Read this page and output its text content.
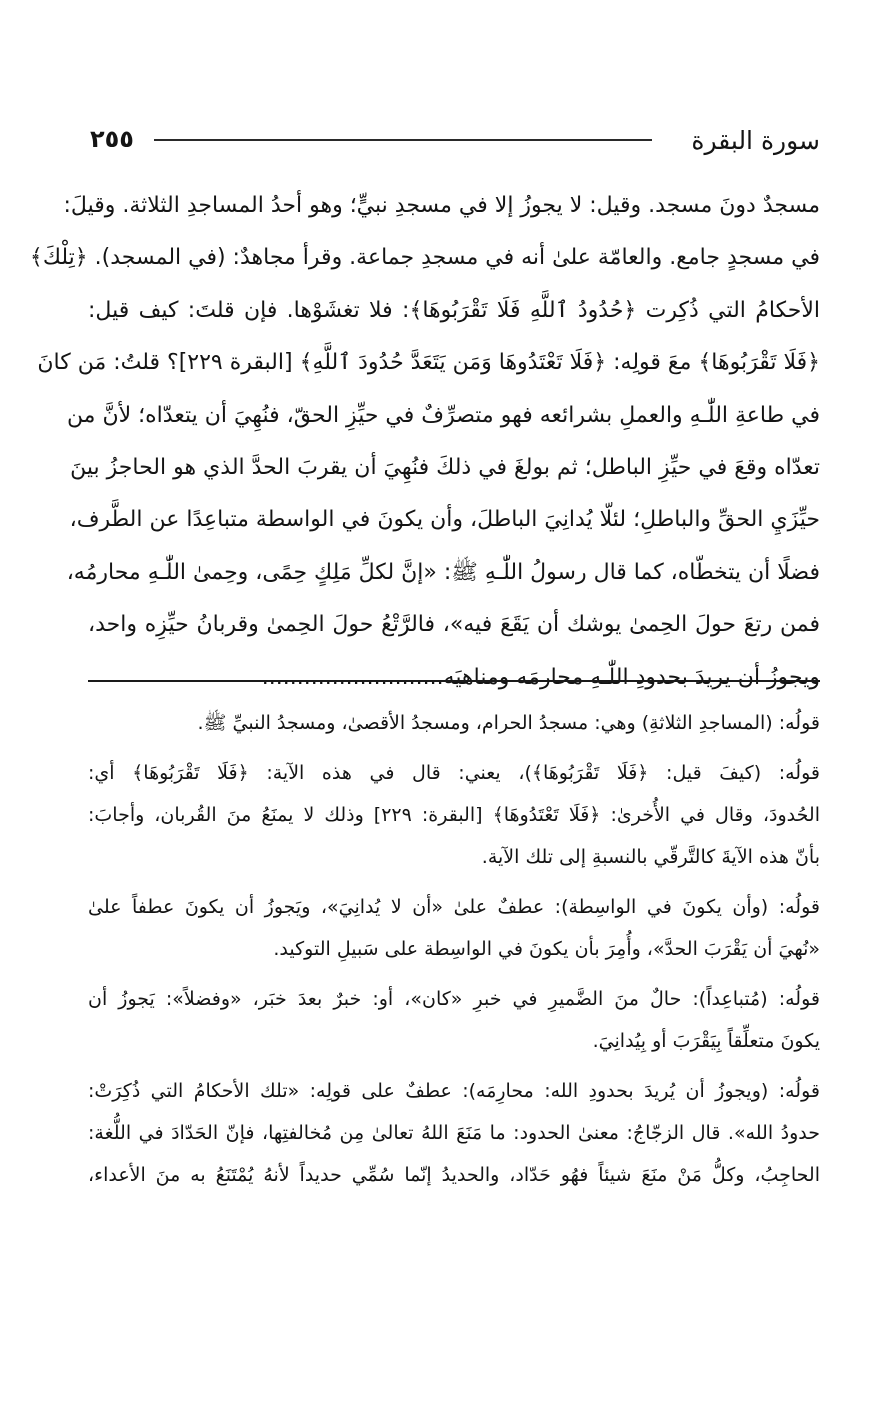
سورة البقرة
٢٥٥
مسجدٌ دونَ مسجد. وقيل: لا يجوزُ إلا في مسجدِ نبيٍّ؛ وهو أحدُ المساجدِ الثلاثة. وقيلَ:
في مسجدٍ جامع. والعامّة علىٰ أنه في مسجدِ جماعة. وقرأ مجاهدٌ: (في المسجد). ﴿تِلْكَ﴾
الأحكامُ التي ذُكِرت ﴿حُدُودُ ٱللَّهِ فَلَا تَقْرَبُوهَا﴾: فلا تغشَوْها. فإن قلتَ: كيف قيل:
﴿فَلَا تَقْرَبُوهَا﴾ معَ قولِه: ﴿فَلَا تَعْتَدُوهَا وَمَن يَتَعَدَّ حُدُودَ ٱللَّهِ﴾ [البقرة ٢٢٩]؟ قلتُ: مَن كانَ
في طاعةِ اللّٰـهِ والعملِ بشرائعه فهو متصرِّفٌ في حيِّزِ الحقّ، فنُهِيَ أن يتعدّاه؛ لأنَّ من
تعدّاه وقعَ في حيِّزِ الباطل؛ ثم بولغَ في ذلكَ فنُهِيَ أن يقربَ الحدَّ الذي هو الحاجزُ بينَ
حيِّزَيِ الحقِّ والباطلِ؛ لئلّا يُدانِيَ الباطلَ، وأن يكونَ في الواسطة متباعِدًا عن الطَّرف،
فضلًا أن يتخطّاه، كما قال رسولُ اللّٰـهِ ﷺ: «إنَّ لكلِّ مَلِكٍ حِمًى، وحِمىٰ اللّٰـهِ محارمُه،
فمن رتعَ حولَ الحِمىٰ يوشك أن يَقَعَ فيه»، فالرَّتْعُ حولَ الحِمىٰ وقربانُ حيِّزِه واحد،
ويجوزُ أن يريدَ بحدودِ اللّٰـهِ محارمَه ومناهيَه..........................
قولُه: (المساجدِ الثلاثةِ) وهي: مسجدُ الحرام، ومسجدُ الأقصىٰ، ومسجدُ النبيِّ ﷺ.
قولُه: (كيفَ قيل: ﴿فَلَا تَقْرَبُوهَا﴾)، يعني: قال في هذه الآية: ﴿فَلَا تَقْرَبُوهَا﴾ أي:
الحُدودَ، وقال في الأُخرىٰ: ﴿فَلَا تَعْتَدُوهَا﴾ [البقرة: ٢٢٩] وذلك لا يمنَعُ منَ القُربان، وأجابَ:
بأنّ هذه الآيةَ كالتَّرقّي بالنسبةِ إلى تلك الآية.
قولُه: (وأن يكونَ في الواسِطة): عطفٌ علىٰ «أن لا يُدانِيَ»، ويَجوزُ أن يكونَ عطفاً علىٰ
«نُهيَ أن يَقْرَبَ الحدَّ»، وأُمِرَ بأن يكونَ في الواسِطة على سَبيلِ التوكيد.
قولُه: (مُتباعِداً): حالٌ منَ الضَّميرِ في خبرِ «كان»، أو: خبرٌ بعدَ خبَر، «وفضلاً»: يَجوزُ أن
يكونَ متعلِّقاً بِيَقْرَبَ أو بِيُدانِيَ.
قولُه: (ويجوزُ أن يُريدَ بحدودِ الله: محارِمَه): عطفٌ على قولِه: «تلك الأحكامُ التي ذُكِرَتْ:
حدودُ الله». قال الزجّاجُ: معنىٰ الحدود: ما مَنَعَ اللهُ تعالىٰ مِن مُخالفتِها، فإنّ الحَدّادَ في اللُّغة:
الحاجِبُ، وكلُّ مَنْ منَعَ شيئاً فهُو حَدّاد، والحديدُ إنّما سُمِّي حديداً لأنهُ يُمْتَنَعُ به منَ الأعداء،
